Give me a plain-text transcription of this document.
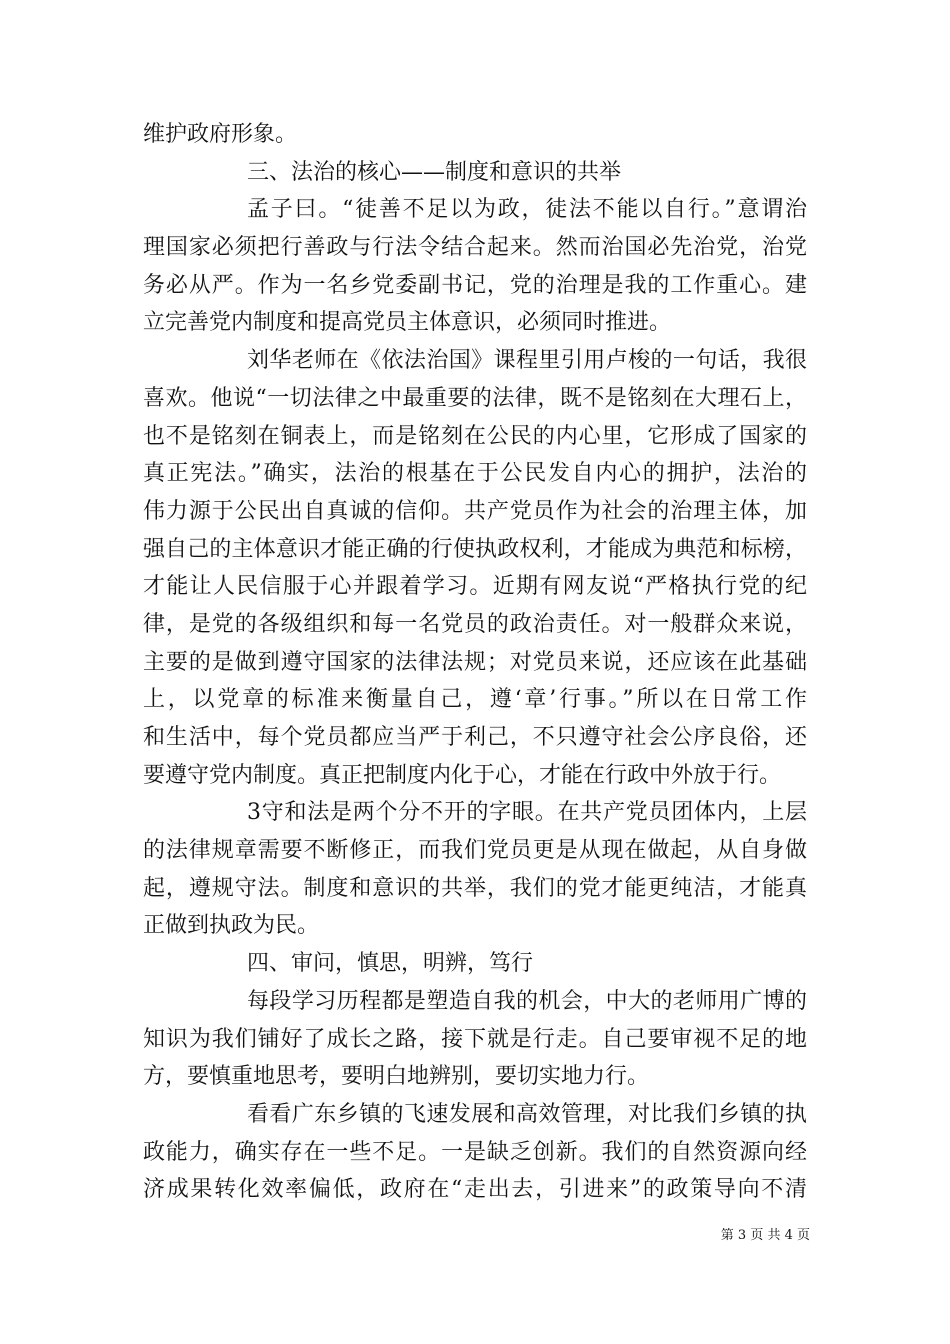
维护政府形象。
三、法治的核心——制度和意识的共举
孟子曰。“徒善不足以为政，徒法不能以自行。”意谓治
理国家必须把行善政与行法令结合起来。然而治国必先治党，治党
务必从严。作为一名乡党委副书记，党的治理是我的工作重心。建
立完善党内制度和提高党员主体意识，必须同时推进。
刘华老师在《依法治国》课程里引用卢梭的一句话，我很
喜欢。他说“一切法律之中最重要的法律，既不是铭刻在大理石上，
也不是铭刻在铜表上，而是铭刻在公民的内心里，它形成了国家的
真正宪法。”确实，法治的根基在于公民发自内心的拥护，法治的
伟力源于公民出自真诚的信仰。共产党员作为社会的治理主体，加
强自己的主体意识才能正确的行使执政权利，才能成为典范和标榜，
才能让人民信服于心并跟着学习。近期有网友说“严格执行党的纪
律，是党的各级组织和每一名党员的政治责任。对一般群众来说，
主要的是做到遵守国家的法律法规；对党员来说，还应该在此基础
上，以党章的标准来衡量自己，遵‘章’行事。”所以在日常工作
和生活中，每个党员都应当严于利己，不只遵守社会公序良俗，还
要遵守党内制度。真正把制度内化于心，才能在行政中外放于行。
3守和法是两个分不开的字眼。在共产党员团体内，上层
的法律规章需要不断修正，而我们党员更是从现在做起，从自身做
起，遵规守法。制度和意识的共举，我们的党才能更纯洁，才能真
正做到执政为民。
四、审问，慎思，明辨，笃行
每段学习历程都是塑造自我的机会，中大的老师用广博的
知识为我们铺好了成长之路，接下就是行走。自己要审视不足的地
方，要慎重地思考，要明白地辨别，要切实地力行。
看看广东乡镇的飞速发展和高效管理，对比我们乡镇的执
政能力，确实存在一些不足。一是缺乏创新。我们的自然资源向经
济成果转化效率偏低，政府在“走出去，引进来”的政策导向不清
第 3 页 共 4 页
